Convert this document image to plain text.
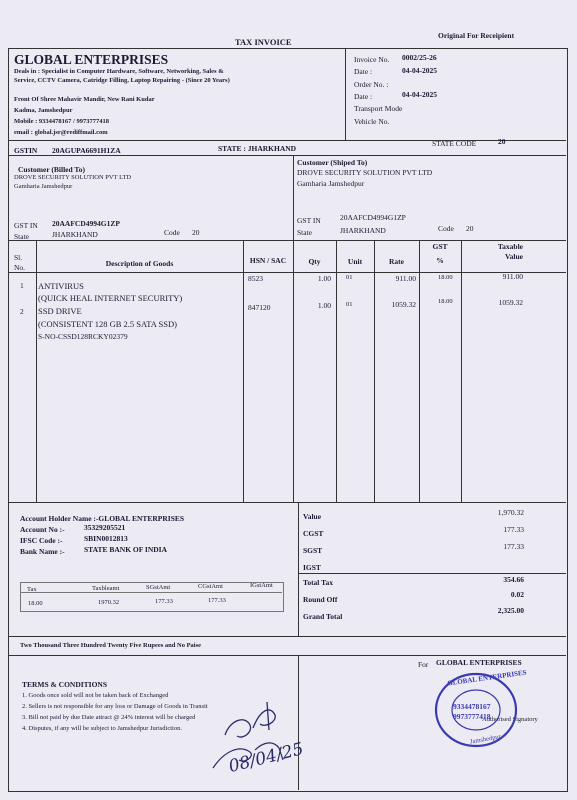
TAX INVOICE
Original For Receipient
GLOBAL ENTERPRISES
Deals in : Specialist in Computer Hardware, Software, Networking, Sales &
Service, CCTV Camera, Catridge Filling, Laptop Repairing - (Since 20 Years)
Front Of Shree Mahavir Mandir, New Rani Kudar
Kadma, Jamshedpur
Mobile : 9334478167 / 9973777418
email : global.jsr@rediffmail.com
Invoice No. 0002/25-26
Date :	04-04-2025
Order No. :
Date :	04-04-2025
Transport Mode
Vehicle No.
GSTIN 20AGUPA6691H1ZA	STATE : JHARKHAND
STATE CODE	20
Customer (Billed To)
DROVE SECURITY SOLUTION PVT LTD
Gamharia Jamshedpur
GST IN 20AAFCD4994G1ZP
State	JHARKHAND	Code 20
Customer (Shiped To)
DROVE SECURITY SOLUTION PVT LTD
Gamharia Jamshedpur
GST IN	20AAFCD4994G1ZP
State	JHARKHAND	Code 20
Sl.
No.	Description of Goods	HSN / SAC	Qty	Unit	Rate
GST
%
Taxable
Value
1 ANTIVIRUS
(QUICK HEAL INTERNET SECURITY)
8523	1.00 01	911.00	18.00	911.00
2 SSD DRIVE
(CONSISTENT 128 GB 2.5 SATA SSD)
S-NO-CSSD128RCKY02379
847120	1.00 01	1059.32	18.00	1059.32
Account Holder Name :-GLOBAL ENTERPRISES
Account No :-	35329205521
IFSC Code :-	SBIN0012813
Bank Name :-	STATE BANK OF INDIA
Tax	Taxbleamt	SGstAmt	CGstAmt	IGstAmt
18.00	1970.32	177.33	177.33
Value	1,970.32
CGST	177.33
SGST	177.33
IGST
Total Tax	354.66
Round Off
0.02
Grand Total
2,325.00
Two Thousand Three Hundred Twenty Five Rupees and No Paise
TERMS & CONDITIONS
1. Goods once sold will not be taken back of Exchanged
2. Sellers is not responsible for any loss or Damage of Goods in Transit
3. Bill not paid by due Date attract @ 24% interest will be charged
4. Disputes, if any will be subject to Jamshedpur Jurisdiction.
For GLOBAL ENTERPRISES
Authorised Signatory
GLOBAL ENTERPRISES
9334478167
9973777418
Jamshedpur
08/04/25
